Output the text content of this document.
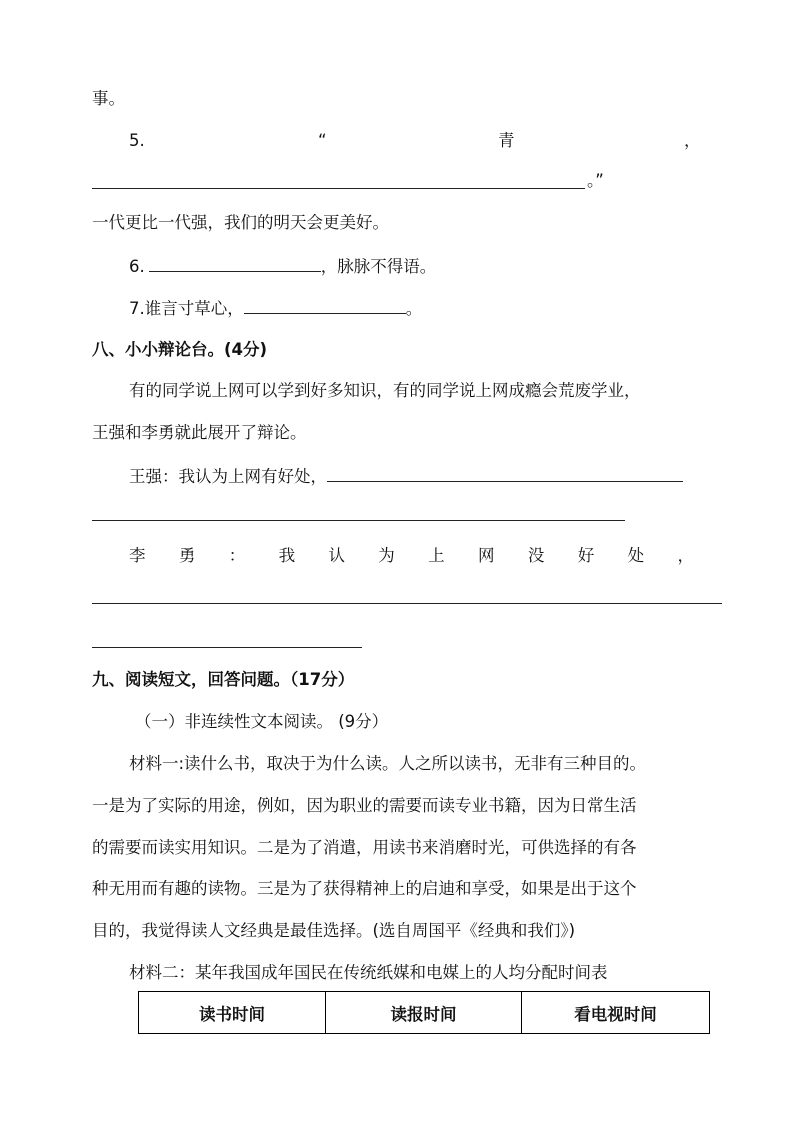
事。
5.	“	青	，
。”
一代更比一代强，我们的明天会更美好。
6.	，脉脉不得语。
7.谁言寸草心，	。
八、小小辩论台。(4分)
有的同学说上网可以学到好多知识，有的同学说上网成瘾会荒废学业，
王强和李勇就此展开了辩论。
王强：我认为上网有好处，
李 勇 ： 我 认 为 上 网 没 好 处 ，
九、阅读短文，回答问题。（17分）
（一）非连续性文本阅读。 (9分）
材料一:读什么书，取决于为什么读。人之所以读书，无非有三种目的。
一是为了实际的用途，例如，因为职业的需要而读专业书籍，因为日常生活
的需要而读实用知识。二是为了消遣，用读书来消磨时光，可供选择的有各
种无用而有趣的读物。三是为了获得精神上的启迪和享受，如果是出于这个
目的，我觉得读人文经典是最佳选择。(选自周国平《经典和我们》)
材料二：某年我国成年国民在传统纸媒和电媒上的人均分配时间表
读书时间	读报时间	看电视时间
